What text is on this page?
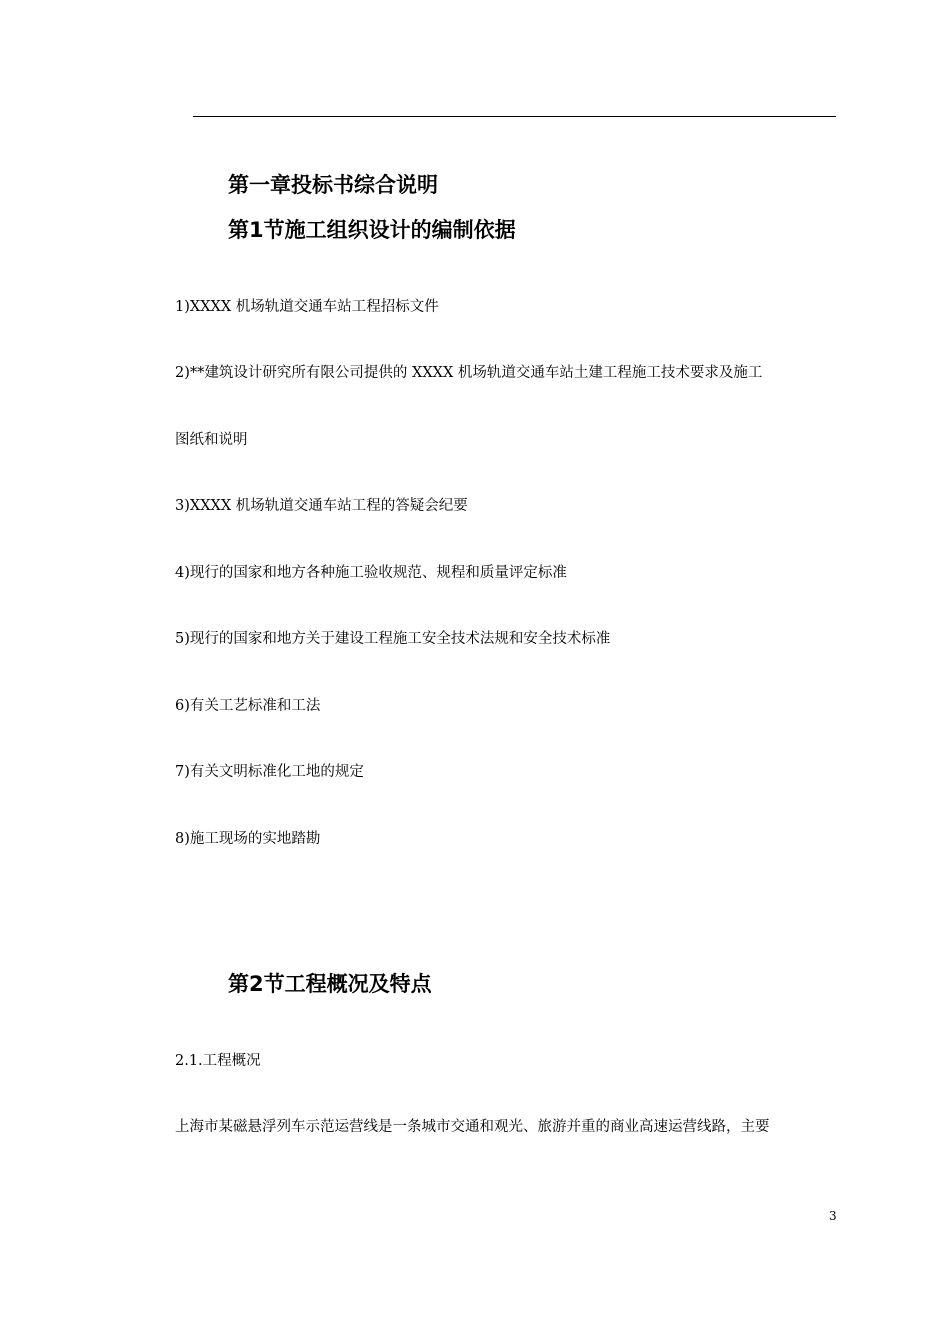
第一章投标书综合说明
第1节施工组织设计的编制依据
1)XXXX 机场轨道交通车站工程招标文件
2)**建筑设计研究所有限公司提供的 XXXX 机场轨道交通车站土建工程施工技术要求及施工
图纸和说明
3)XXXX 机场轨道交通车站工程的答疑会纪要
4)现行的国家和地方各种施工验收规范、规程和质量评定标准
5)现行的国家和地方关于建设工程施工安全技术法规和安全技术标准
6)有关工艺标准和工法
7)有关文明标准化工地的规定
8)施工现场的实地踏勘
第2节工程概况及特点
2.1.工程概况
上海市某磁悬浮列车示范运营线是一条城市交通和观光、旅游并重的商业高速运营线路，主要
3
